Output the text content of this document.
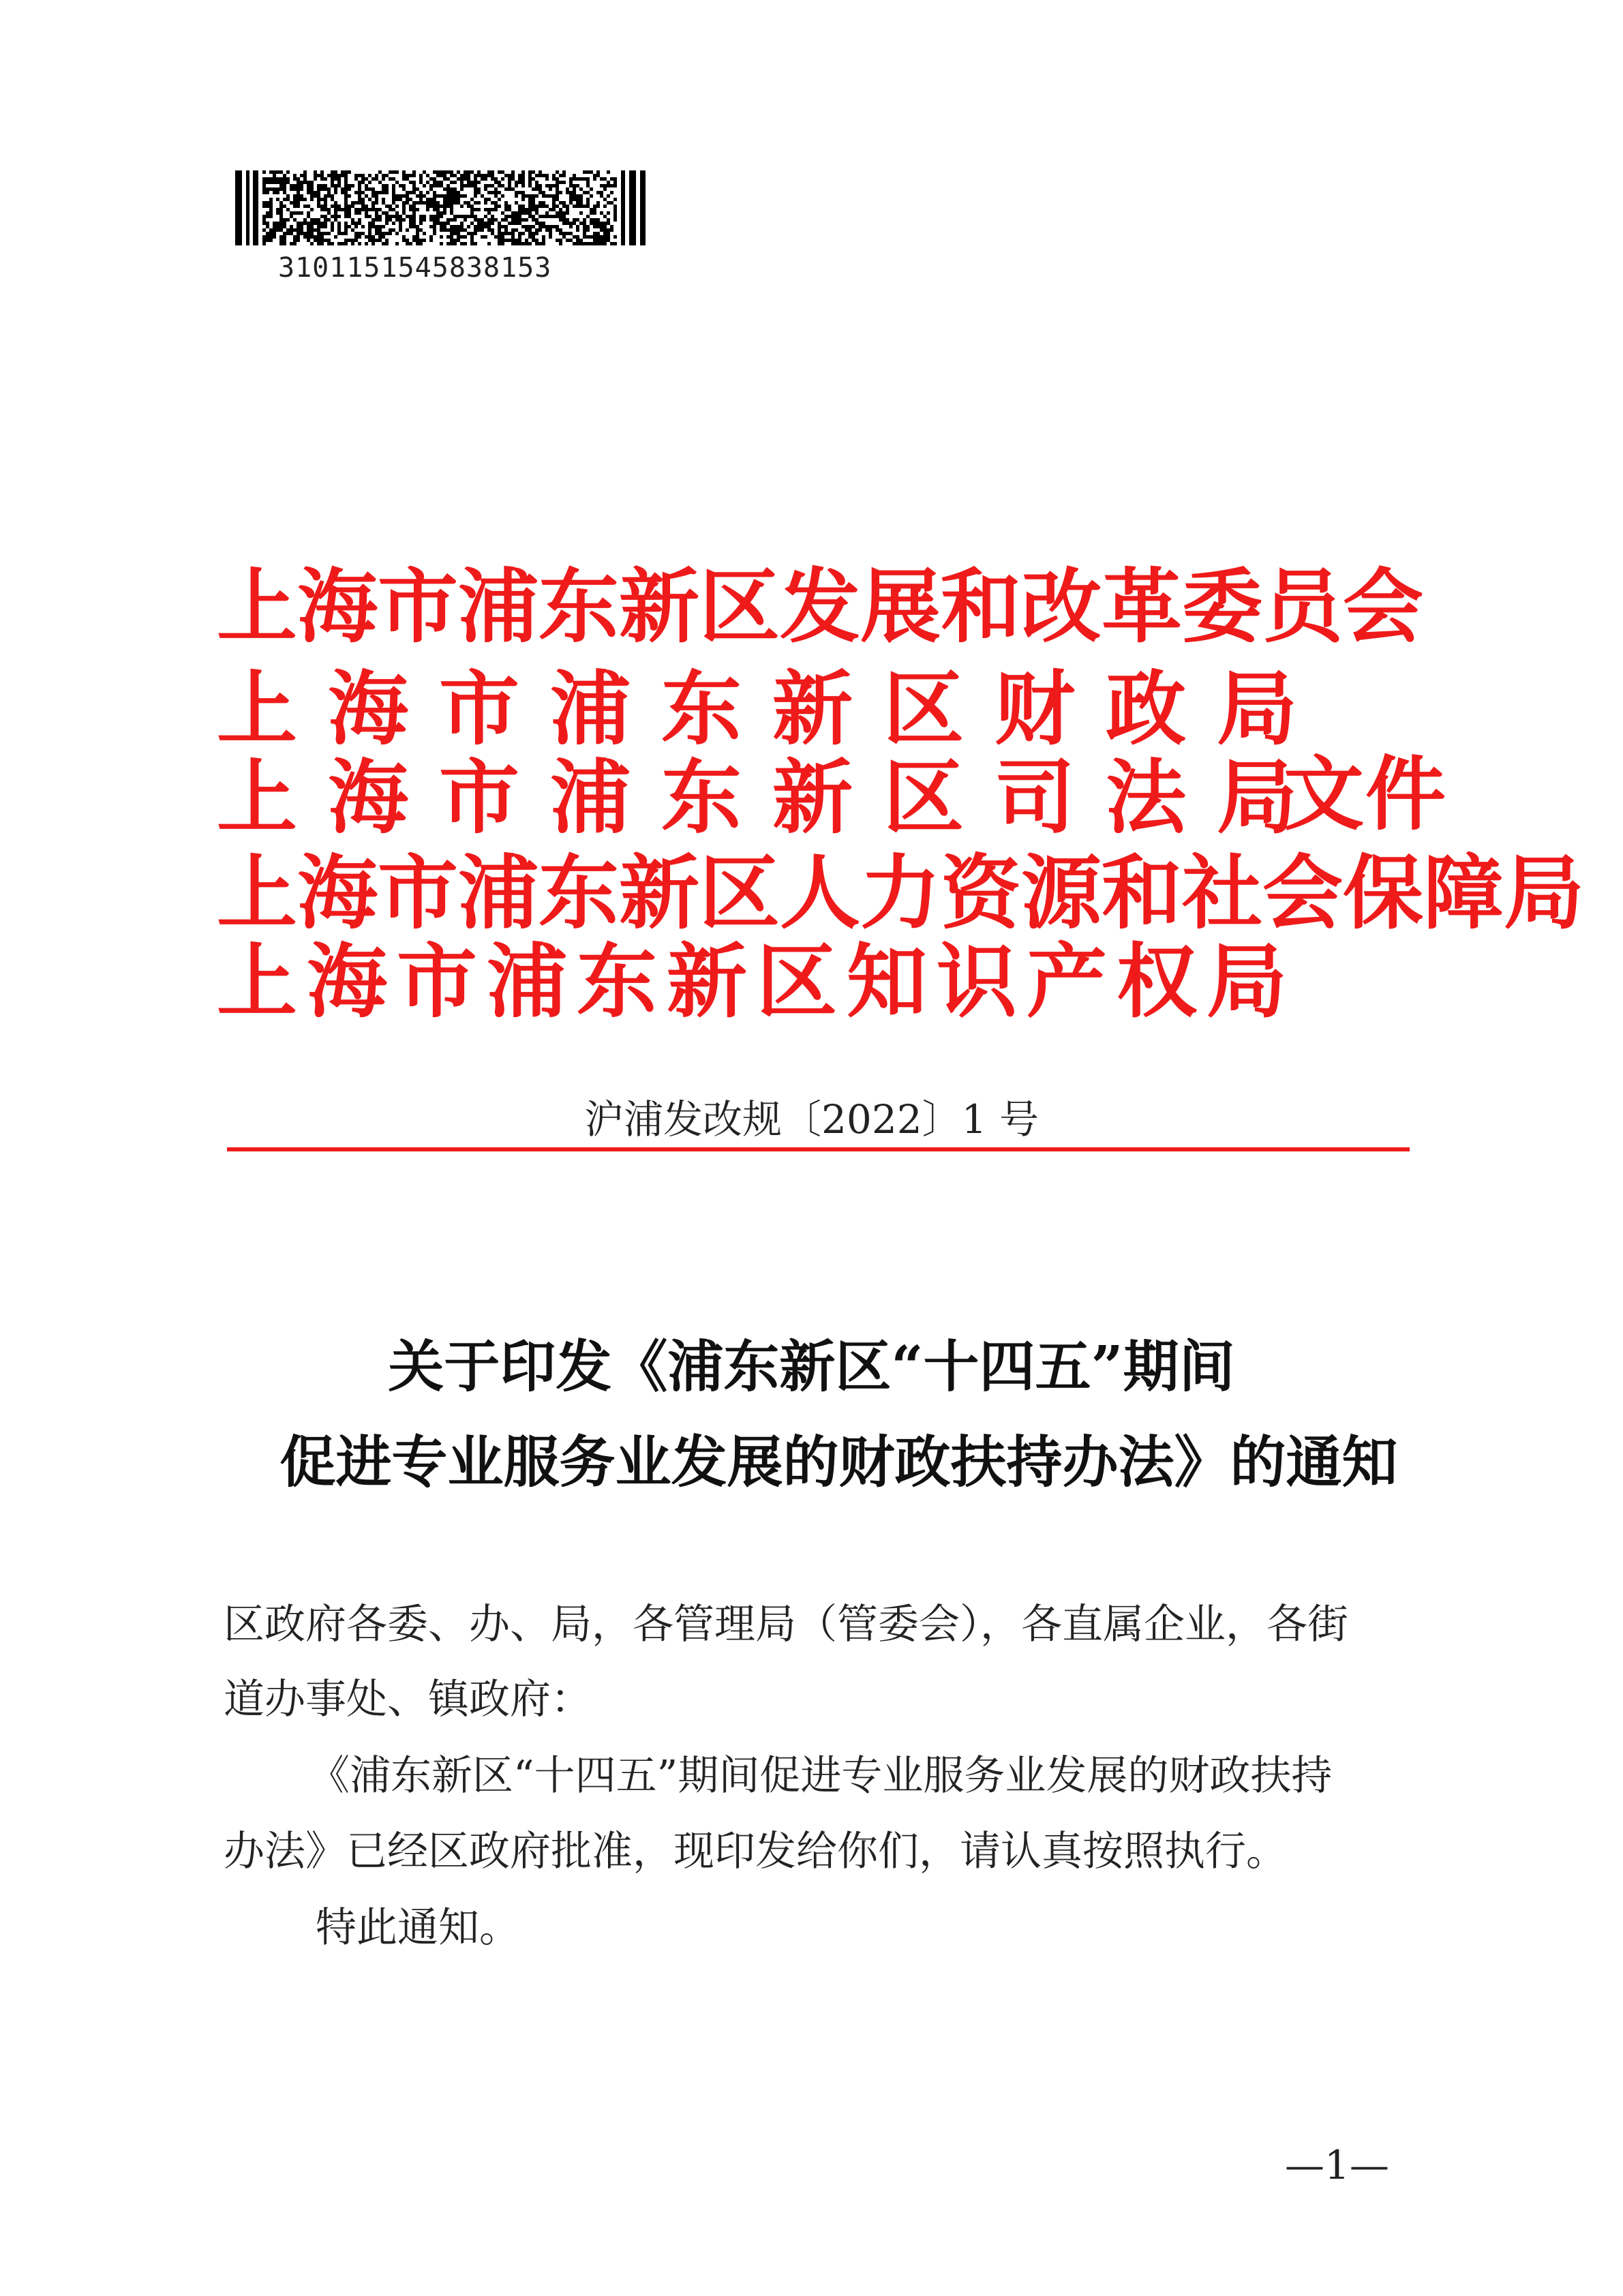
3101151545838153
上海市浦东新区发展和改革委员会
上海市浦东新区财政局
上海市浦东新区司法局
上海市浦东新区人力资源和社会保障局
上海市浦东新区知识产权局
文件
沪浦发改规〔2022〕1 号
关于印发《浦东新区“十四五”期间
促进专业服务业发展的财政扶持办法》的通知
区政府各委、办、局，各管理局（管委会），各直属企业，各街
道办事处、镇政府：
《浦东新区“十四五”期间促进专业服务业发展的财政扶持
办法》已经区政府批准，现印发给你们，请认真按照执行。
特此通知。
—1—
